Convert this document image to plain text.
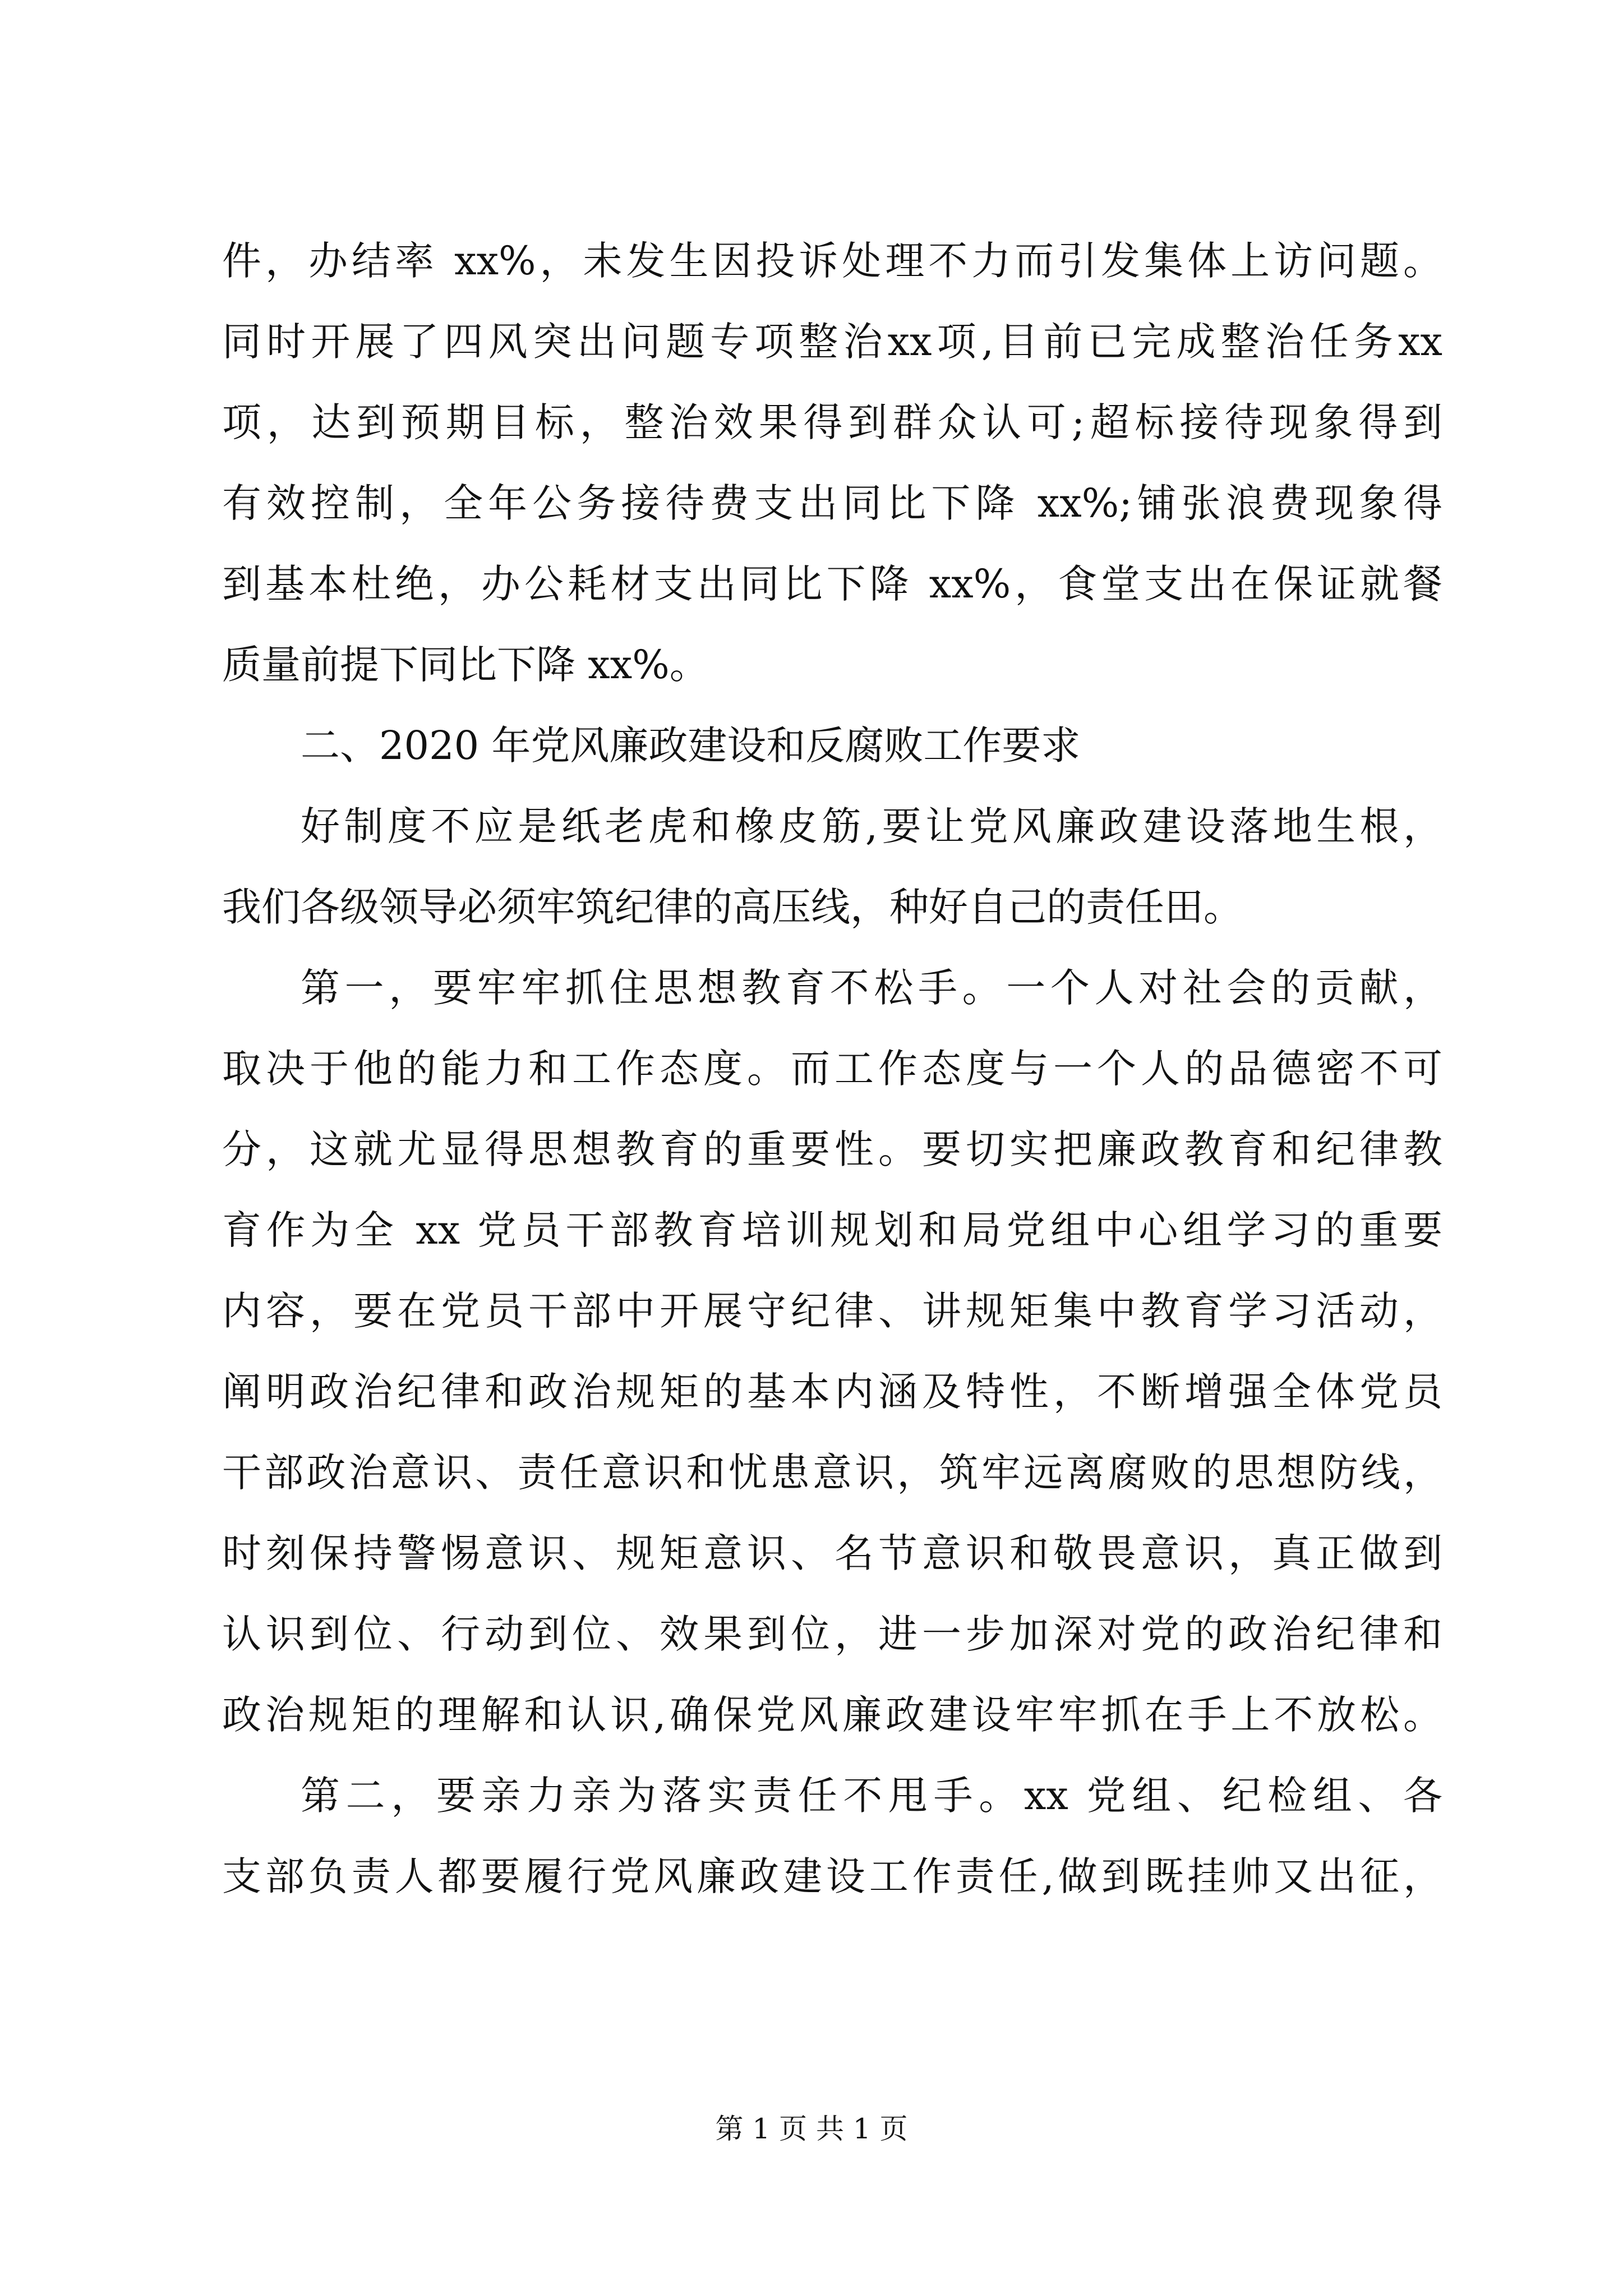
件，办结率 xx%，未发生因投诉处理不力而引发集体上访问题。
同时开展了四风突出问题专项整治xx项,目前已完成整治任务xx
项，达到预期目标，整治效果得到群众认可;超标接待现象得到
有效控制，全年公务接待费支出同比下降 xx%;铺张浪费现象得
到基本杜绝，办公耗材支出同比下降 xx%，食堂支出在保证就餐
质量前提下同比下降 xx%。
二、2020 年党风廉政建设和反腐败工作要求
好制度不应是纸老虎和橡皮筋,要让党风廉政建设落地生根，
我们各级领导必须牢筑纪律的高压线，种好自己的责任田。
第一，要牢牢抓住思想教育不松手。一个人对社会的贡献，
取决于他的能力和工作态度。而工作态度与一个人的品德密不可
分，这就尤显得思想教育的重要性。要切实把廉政教育和纪律教
育作为全 xx 党员干部教育培训规划和局党组中心组学习的重要
内容，要在党员干部中开展守纪律、讲规矩集中教育学习活动，
阐明政治纪律和政治规矩的基本内涵及特性，不断增强全体党员
干部政治意识、责任意识和忧患意识，筑牢远离腐败的思想防线，
时刻保持警惕意识、规矩意识、名节意识和敬畏意识，真正做到
认识到位、行动到位、效果到位，进一步加深对党的政治纪律和
政治规矩的理解和认识,确保党风廉政建设牢牢抓在手上不放松。
第二，要亲力亲为落实责任不甩手。xx 党组、纪检组、各
支部负责人都要履行党风廉政建设工作责任,做到既挂帅又出征，
第 1 页 共 1 页
